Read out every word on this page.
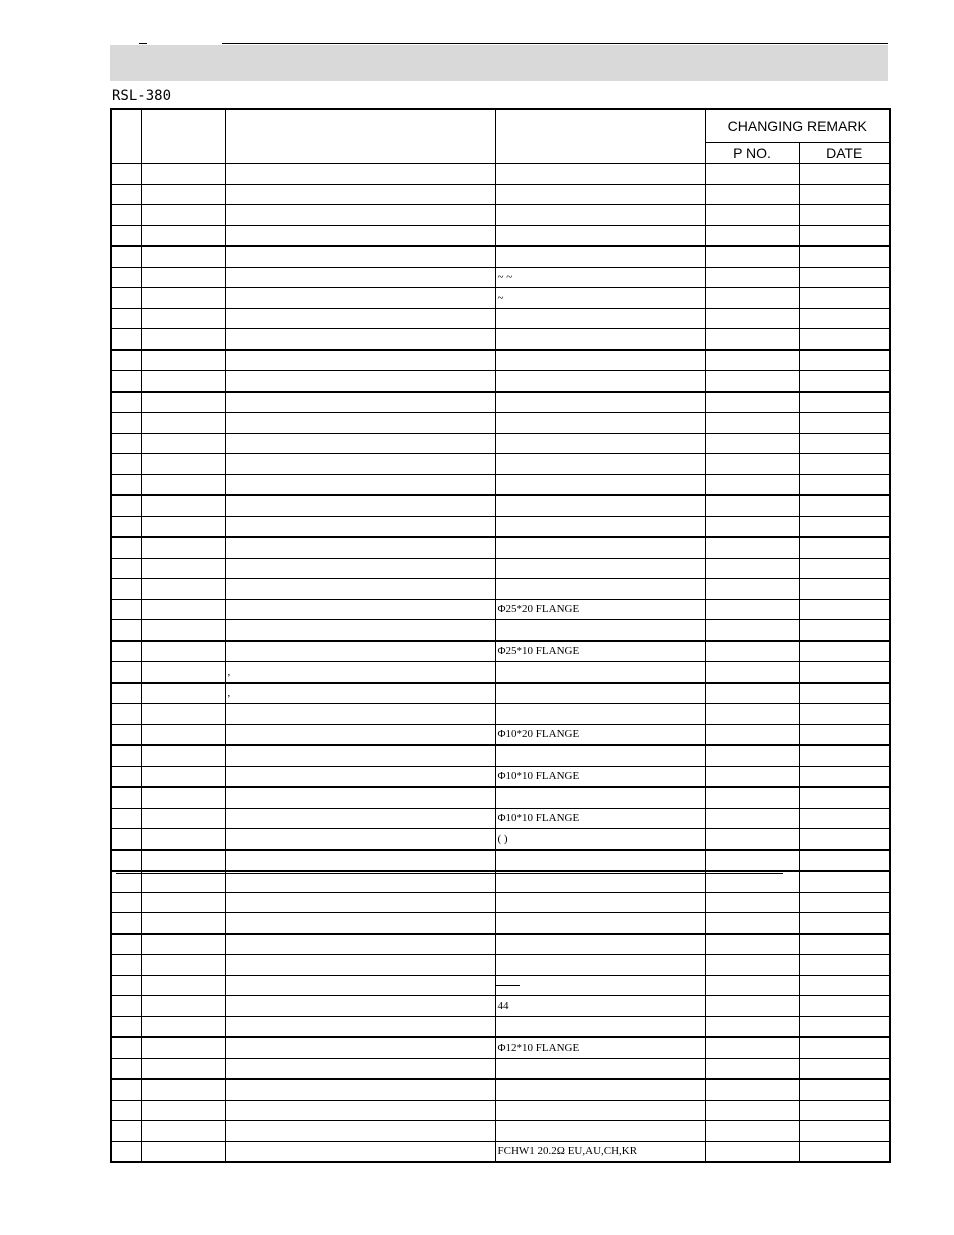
RSL-380
				CHANGING REMARK	
				P NO.	DATE

			~ ~		
			~		

			Φ25*20 FLANGE		

			Φ25*10 FLANGE		
		,			
		,			

			Φ10*20 FLANGE		

			Φ10*10 FLANGE		

			Φ10*10 FLANGE		
			( )		

			44		

			Φ12*10 FLANGE		

			FCHW1 20.2Ω EU,AU,CH,KR		
